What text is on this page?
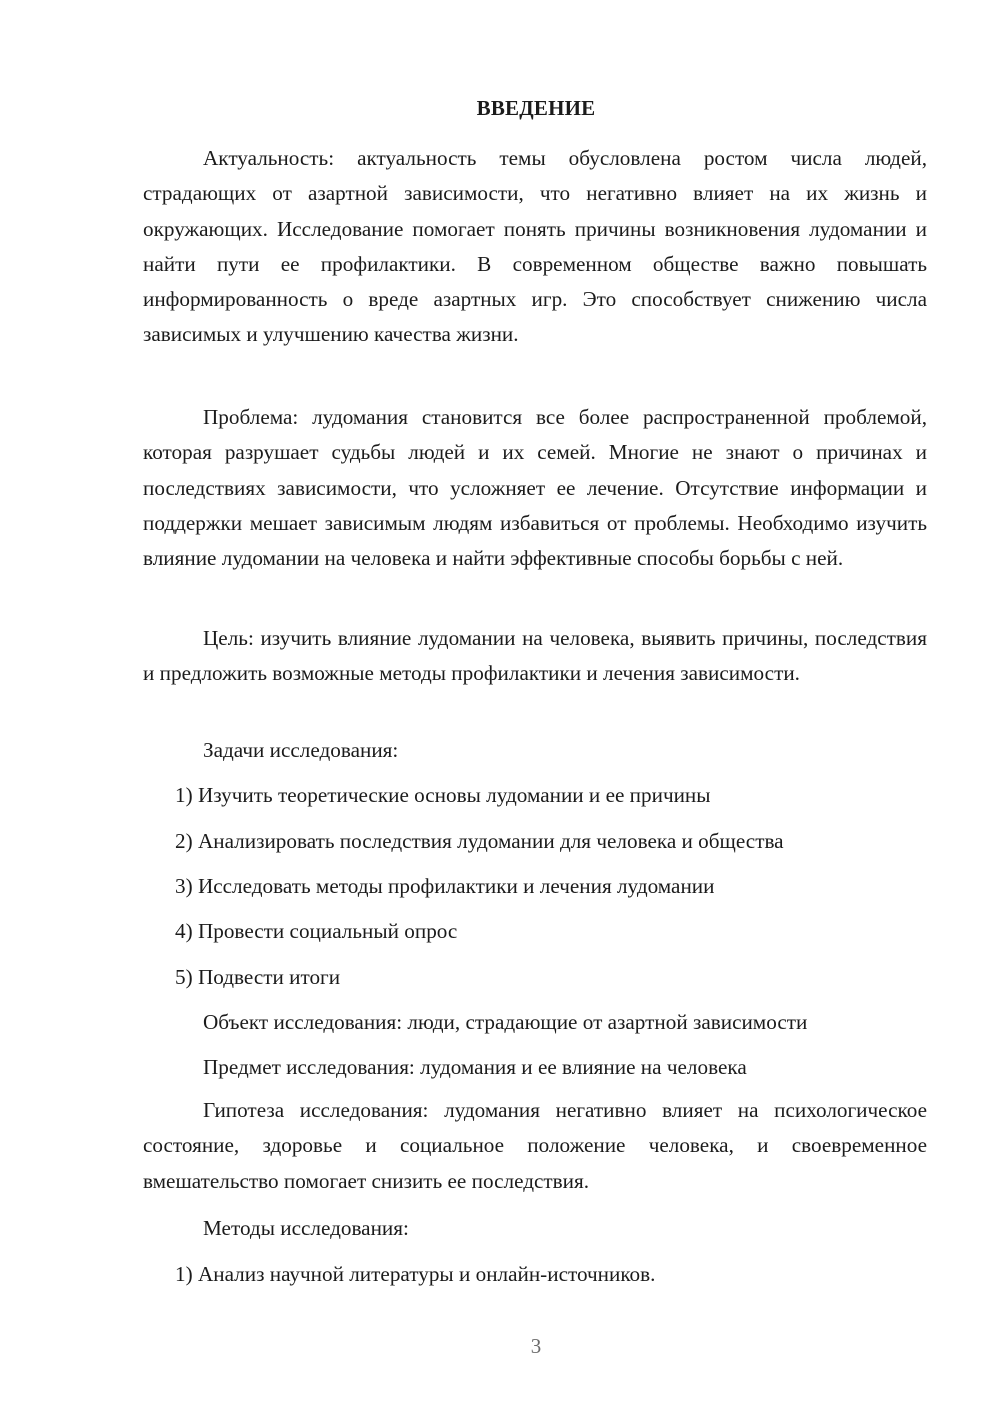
ВВЕДЕНИЕ

Актуальность: актуальность темы обусловлена ростом числа людей, страдающих от азартной зависимости, что негативно влияет на их жизнь и окружающих. Исследование помогает понять причины возникновения лудомании и найти пути ее профилактики. В современном обществе важно повышать информированность о вреде азартных игр. Это способствует снижению числа зависимых и улучшению качества жизни.

Проблема: лудомания становится все более распространенной проблемой, которая разрушает судьбы людей и их семей. Многие не знают о причинах и последствиях зависимости, что усложняет ее лечение. Отсутствие информации и поддержки мешает зависимым людям избавиться от проблемы. Необходимо изучить влияние лудомании на человека и найти эффективные способы борьбы с ней.

Цель: изучить влияние лудомании на человека, выявить причины, последствия и предложить возможные методы профилактики и лечения зависимости.

Задачи исследования:
1) Изучить теоретические основы лудомании и ее причины
2) Анализировать последствия лудомании для человека и общества
3) Исследовать методы профилактики и лечения лудомании
4) Провести социальный опрос
5) Подвести итоги
Объект исследования: люди, страдающие от азартной зависимости
Предмет исследования: лудомания и ее влияние на человека

Гипотеза исследования: лудомания негативно влияет на психологическое состояние, здоровье и социальное положение человека, и своевременное вмешательство помогает снизить ее последствия.

Методы исследования:
1) Анализ научной литературы и онлайн-источников.
3
